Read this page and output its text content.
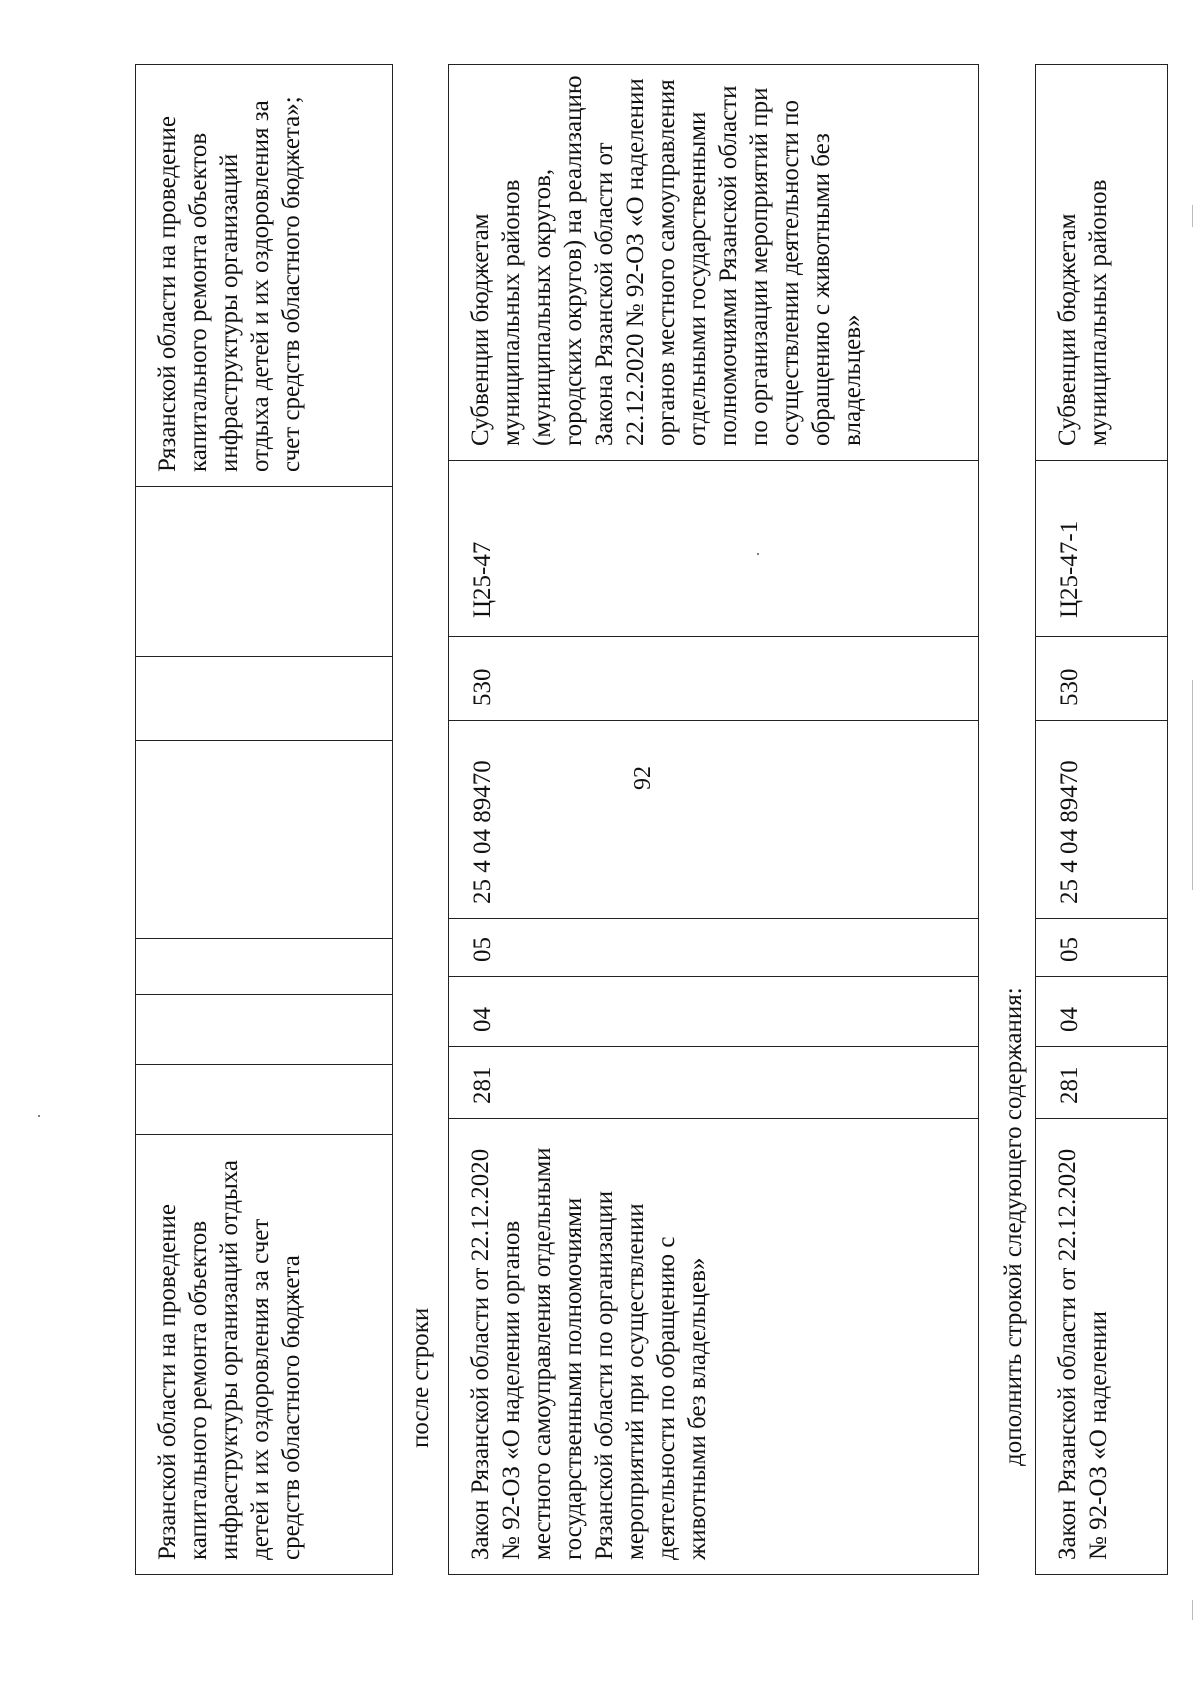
92
Рязанской области на проведение капитального ремонта объектов инфраструктуры организаций отдыха детей и их оздоровления за счет средств областного бюджета							Рязанской области на проведение капитального ремонта объектов инфраструктуры организаций отдыха детей и их оздоровления за счет средств областного бюджета»;
после строки Закон Рязанской области от 22.12.2020 № 92-ОЗ «О наделении органов местного самоуправления отдельными государственными полномочиями Рязанской области по организации мероприятий при осуществлении деятельности по обращению с животными без владельцев»	281	04	05	25 4 04 89470	530	Ц25-47	Субвенции бюджетам муниципальных районов (муниципальных округов, городских округов) на реализацию Закона Рязанской области от 22.12.2020 № 92-ОЗ «О наделении органов местного самоуправления отдельными государственными полномочиями Рязанской области по организации мероприятий при осуществлении деятельности по обращению с животными без владельцев»
дополнить строкой следующего содержания: Закон Рязанской области от 22.12.2020 № 92-ОЗ «О наделении	281	04	05	25 4 04 89470	530	Ц25-47-1	Субвенции бюджетам муниципальных районов
